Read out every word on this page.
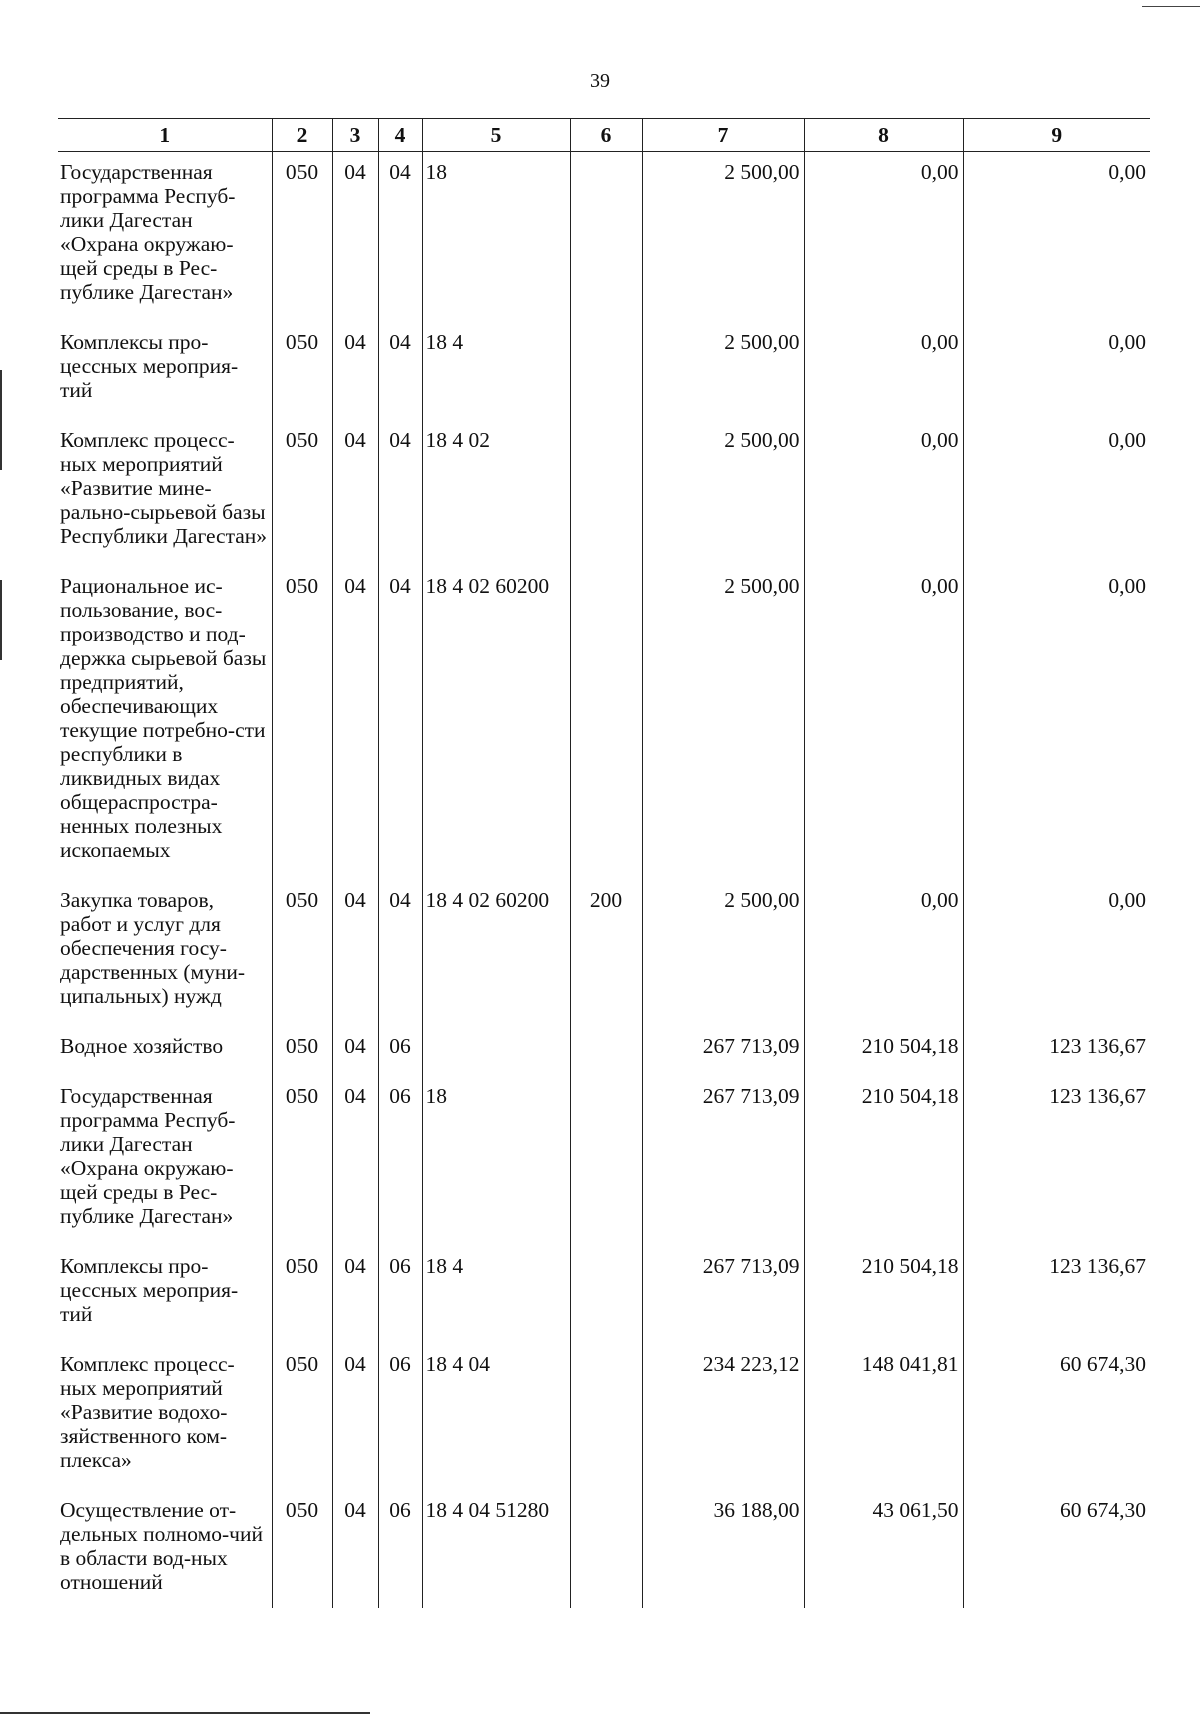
39
1	2	3	4	5	6	7	8	9
Государственная программа Респуб-лики Дагестан «Охрана окружаю-щей среды в Рес-публике Дагестан»	050	04	04	18		2 500,00	0,00	0,00
Комплексы про-цессных мероприя-тий	050	04	04	18 4		2 500,00	0,00	0,00
Комплекс процесс-ных мероприятий «Развитие мине-рально-сырьевой базы Республики Дагестан»	050	04	04	18 4 02		2 500,00	0,00	0,00
Рациональное ис-пользование, вос-производство и под-держка сырьевой базы предприятий, обеспечивающих текущие потребно-сти республики в ликвидных видах общераспростра-ненных полезных ископаемых	050	04	04	18 4 02 60200		2 500,00	0,00	0,00
Закупка товаров, работ и услуг для обеспечения госу-дарственных (муни-ципальных) нужд	050	04	04	18 4 02 60200	200	2 500,00	0,00	0,00
Водное хозяйство	050	04	06			267 713,09	210 504,18	123 136,67
Государственная программа Респуб-лики Дагестан «Охрана окружаю-щей среды в Рес-публике Дагестан»	050	04	06	18		267 713,09	210 504,18	123 136,67
Комплексы про-цессных мероприя-тий	050	04	06	18 4		267 713,09	210 504,18	123 136,67
Комплекс процесс-ных мероприятий «Развитие водохо-зяйственного ком-плекса»	050	04	06	18 4 04		234 223,12	148 041,81	60 674,30
Осуществление от-дельных полномо-чий в области вод-ных отношений	050	04	06	18 4 04 51280		36 188,00	43 061,50	60 674,30
